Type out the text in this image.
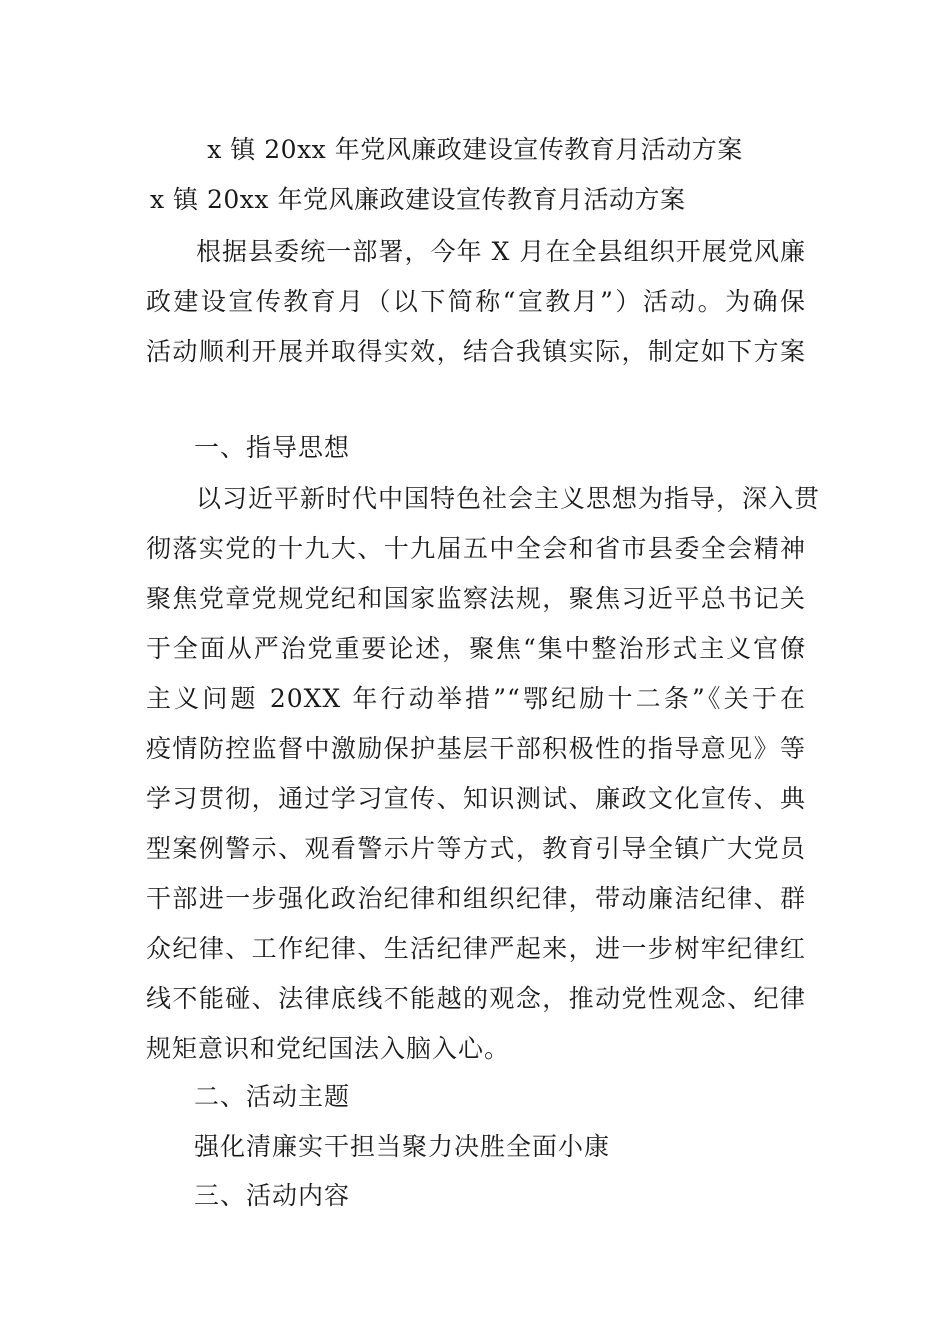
x 镇 20xx 年党风廉政建设宣传教育月活动方案
x 镇 20xx 年党风廉政建设宣传教育月活动方案
根据县委统一部署，今年 X 月在全县组织开展党风廉
政建设宣传教育月（以下简称“宣教月”）活动。为确保
活动顺利开展并取得实效，结合我镇实际，制定如下方案
一、指导思想
以习近平新时代中国特色社会主义思想为指导，深入贯
彻落实党的十九大、十九届五中全会和省市县委全会精神
聚焦党章党规党纪和国家监察法规，聚焦习近平总书记关
于全面从严治党重要论述，聚焦“集中整治形式主义官僚
主义问题 20XX 年行动举措”“鄂纪励十二条”《关于在
疫情防控监督中激励保护基层干部积极性的指导意见》等
学习贯彻，通过学习宣传、知识测试、廉政文化宣传、典
型案例警示、观看警示片等方式，教育引导全镇广大党员
干部进一步强化政治纪律和组织纪律，带动廉洁纪律、群
众纪律、工作纪律、生活纪律严起来，进一步树牢纪律红
线不能碰、法律底线不能越的观念，推动党性观念、纪律
规矩意识和党纪国法入脑入心。
二、活动主题
强化清廉实干担当聚力决胜全面小康
三、活动内容
